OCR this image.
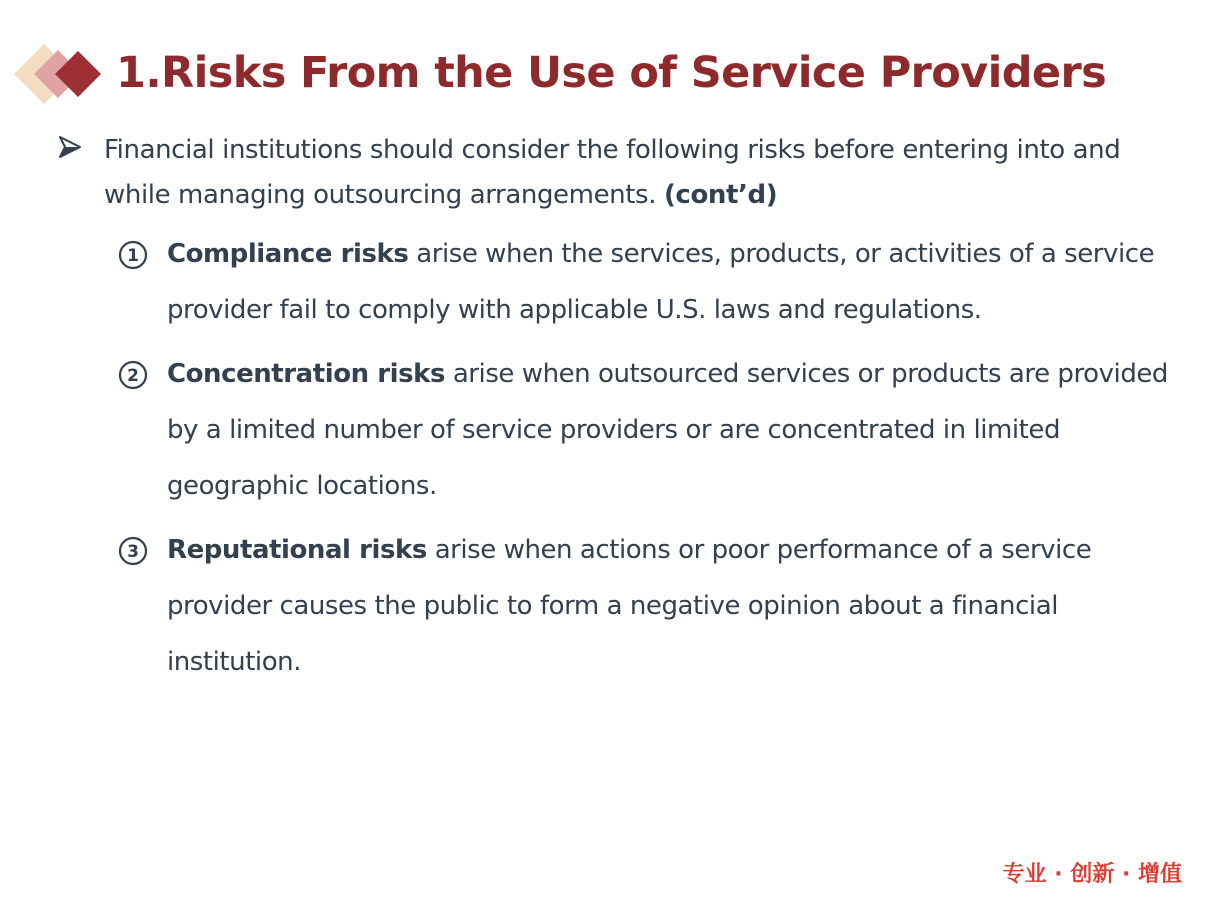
1.Risks From the Use of Service Providers

Financial institutions should consider the following risks before entering into and while managing outsourcing arrangements. (cont’d)

1 Compliance risks arise when the services, products, or activities of a service provider fail to comply with applicable U.S. laws and regulations.

2 Concentration risks arise when outsourced services or products are provided by a limited number of service providers or are concentrated in limited geographic locations.

3 Reputational risks arise when actions or poor performance of a service provider causes the public to form a negative opinion about a financial institution.

专业 · 创新 · 增值
